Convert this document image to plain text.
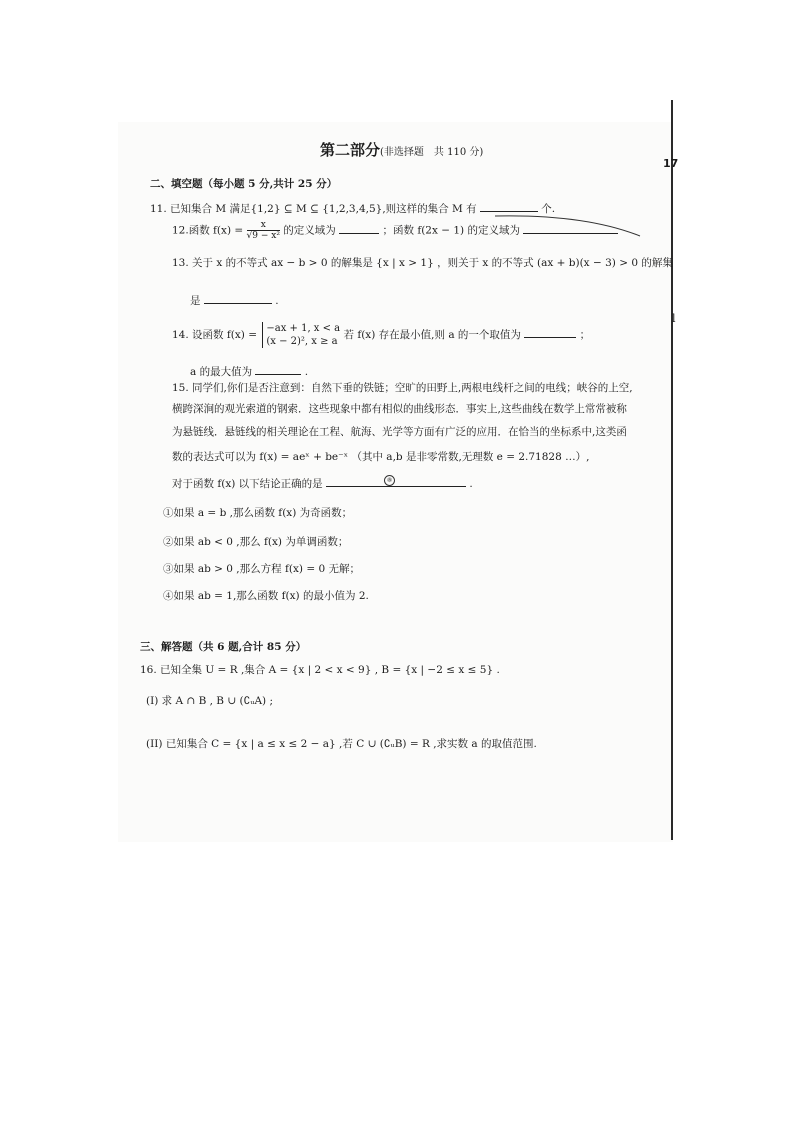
17
l
第二部分(非选择题　共 110 分)
二、填空题（每小题 5 分,共计 25 分）
11. 已知集合 M 满足{1,2} ⊆ M ⊆ {1,2,3,4,5},则这样的集合 M 有	个.
12.函数 $f(x) = \frac{x}{\text{√9 − x²}}$ 的定义域为	；函数 f(2x − 1) 的定义域为
13. 关于 x 的不等式 ax − b > 0 的解集是 {x | x > 1} ，则关于 x 的不等式 (ax + b)(x − 3) > 0 的解集
是	.
14. 设函数 f(x) =
−ax + 1, x < a
(x − 2)², x ≥ a
若 f(x) 存在最小值,则 a 的一个取值为	；
a 的最大值为	.
15. 同学们,你们是否注意到：自然下垂的铁链；空旷的田野上,两根电线杆之间的电线；峡谷的上空,
横跨深涧的观光索道的钢索．这些现象中都有相似的曲线形态．事实上,这些曲线在数学上常常被称
为悬链线．悬链线的相关理论在工程、航海、光学等方面有广泛的应用．在恰当的坐标系中,这类函
数的表达式可以为 f(x) = aeˣ + be⁻ˣ （其中 a,b 是非零常数,无理数 e = 2.71828 …）,
对于函数 f(x) 以下结论正确的是	⑧	.
①如果 a = b ,那么函数 f(x) 为奇函数；
②如果 ab < 0 ,那么 f(x) 为单调函数；
③如果 ab > 0 ,那么方程 f(x) = 0 无解；
④如果 ab = 1,那么函数 f(x) 的最小值为 2.
三、解答题（共 6 题,合计 85 分）
16. 已知全集 U = R ,集合 A = {x | 2 < x < 9} , B = {x | −2 ≤ x ≤ 5} .
(I) 求 A ∩ B , B ∪ (∁ᵤA) ;
(II) 已知集合 C = {x | a ≤ x ≤ 2 − a} ,若 C ∪ (∁ᵤB) = R ,求实数 a 的取值范围.
